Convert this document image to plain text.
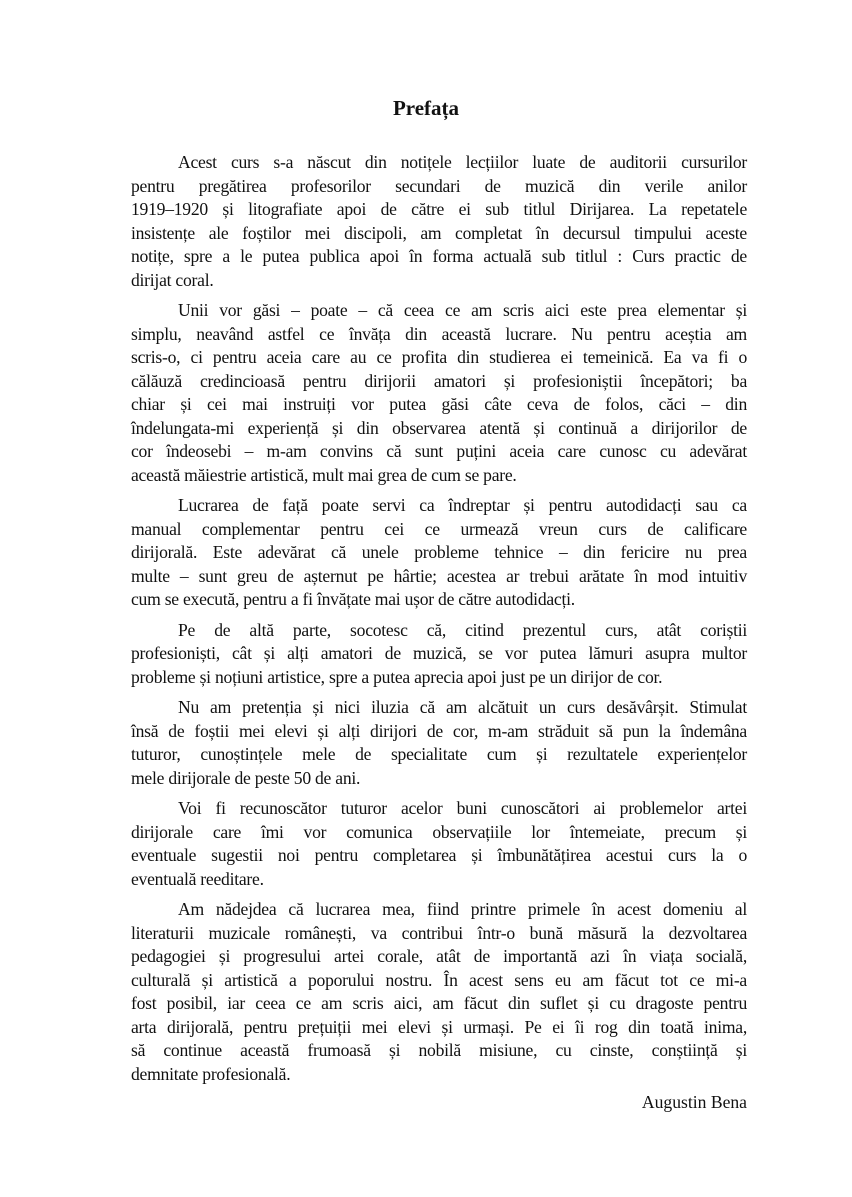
Prefața
Acest curs s-a născut din notițele lecțiilor luate de auditorii cursurilor
pentru pregătirea profesorilor secundari de muzică din verile anilor
1919–1920 și litografiate apoi de către ei sub titlul Dirijarea. La repetatele
insistențe ale foștilor mei discipoli, am completat în decursul timpului aceste
notițe, spre a le putea publica apoi în forma actuală sub titlul : Curs practic de
dirijat coral.
Unii vor găsi – poate – că ceea ce am scris aici este prea elementar și
simplu, neavând astfel ce învăța din această lucrare. Nu pentru aceștia am
scris-o, ci pentru aceia care au ce profita din studierea ei temeinică. Ea va fi o
călăuză credincioasă pentru dirijorii amatori și profesioniștii începători; ba
chiar și cei mai instruiți vor putea găsi câte ceva de folos, căci – din
îndelungata-mi experiență și din observarea atentă și continuă a dirijorilor de
cor îndeosebi – m-am convins că sunt puțini aceia care cunosc cu adevărat
această măiestrie artistică, mult mai grea de cum se pare.
Lucrarea de față poate servi ca îndreptar și pentru autodidacți sau ca
manual complementar pentru cei ce urmează vreun curs de calificare
dirijorală. Este adevărat că unele probleme tehnice – din fericire nu prea
multe – sunt greu de așternut pe hârtie; acestea ar trebui arătate în mod intuitiv
cum se execută, pentru a fi învățate mai ușor de către autodidacți.
Pe de altă parte, socotesc că, citind prezentul curs, atât coriștii
profesioniști, cât și alți amatori de muzică, se vor putea lămuri asupra multor
probleme și noțiuni artistice, spre a putea aprecia apoi just pe un dirijor de cor.
Nu am pretenția și nici iluzia că am alcătuit un curs desăvârșit. Stimulat
însă de foștii mei elevi și alți dirijori de cor, m-am străduit să pun la îndemâna
tuturor, cunoștințele mele de specialitate cum și rezultatele experiențelor
mele dirijorale de peste 50 de ani.
Voi fi recunoscător tuturor acelor buni cunoscători ai problemelor artei
dirijorale care îmi vor comunica observațiile lor întemeiate, precum și
eventuale sugestii noi pentru completarea și îmbunătățirea acestui curs la o
eventuală reeditare.
Am nădejdea că lucrarea mea, fiind printre primele în acest domeniu al
literaturii muzicale românești, va contribui într-o bună măsură la dezvoltarea
pedagogiei și progresului artei corale, atât de importantă azi în viața socială,
culturală și artistică a poporului nostru. În acest sens eu am făcut tot ce mi-a
fost posibil, iar ceea ce am scris aici, am făcut din suflet și cu dragoste pentru
arta dirijorală, pentru prețuiții mei elevi și urmași. Pe ei îi rog din toată inima,
să continue această frumoasă și nobilă misiune, cu cinste, conștiință și
demnitate profesională.
Augustin Bena
